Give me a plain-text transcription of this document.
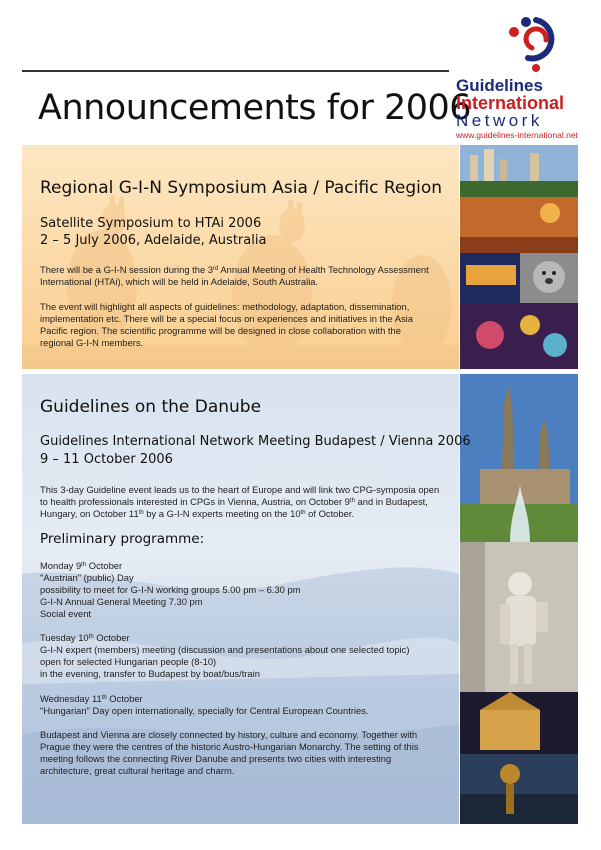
Announcements for 2006
Guidelines
International
Network
www.guidelines-international.net
Regional G-I-N Symposium Asia / Pacific Region
Satellite Symposium to HTAi 2006
2 – 5 July 2006, Adelaide, Australia
There will be a G-I-N session during the 3rd Annual Meeting of Health Technology Assessment
International (HTAi), which will be held in Adelaide, South Australia.
The event will highlight all aspects of guidelines: methodology, adaptation, dissemination,
implementation etc. There will be a special focus on experiences and initiatives in the Asia
Pacific region. The scientific programme will be designed in close collaboration with the
regional G-I-N members.
Guidelines on the Danube
Guidelines International Network Meeting Budapest / Vienna 2006
9 – 11 October 2006
This 3-day Guideline event leads us to the heart of Europe and will link two CPG-symposia open
to health professionals interested in CPGs in Vienna, Austria, on October 9th and in Budapest,
Hungary, on October 11th by a G-I-N experts meeting on the 10th of October.
Preliminary programme:
Monday 9th October
"Austrian" (public) Day
possibility to meet for G-I-N working groups 5.00 pm – 6.30 pm
G-I-N Annual General Meeting 7.30 pm
Social event
Tuesday 10th October
G-I-N expert (members) meeting (discussion and presentations about one selected topic)
open for selected Hungarian people (8-10)
in the evening, transfer to Budapest by boat/bus/train
Wednesday 11th October
"Hungarian" Day open internationally, specially for Central European Countries.
Budapest and Vienna are closely connected by history, culture and economy. Together with
Prague they were the centres of the historic Austro-Hungarian Monarchy. The setting of this
meeting follows the connecting River Danube and presents two cities with interesting
architecture, great cultural heritage and charm.
